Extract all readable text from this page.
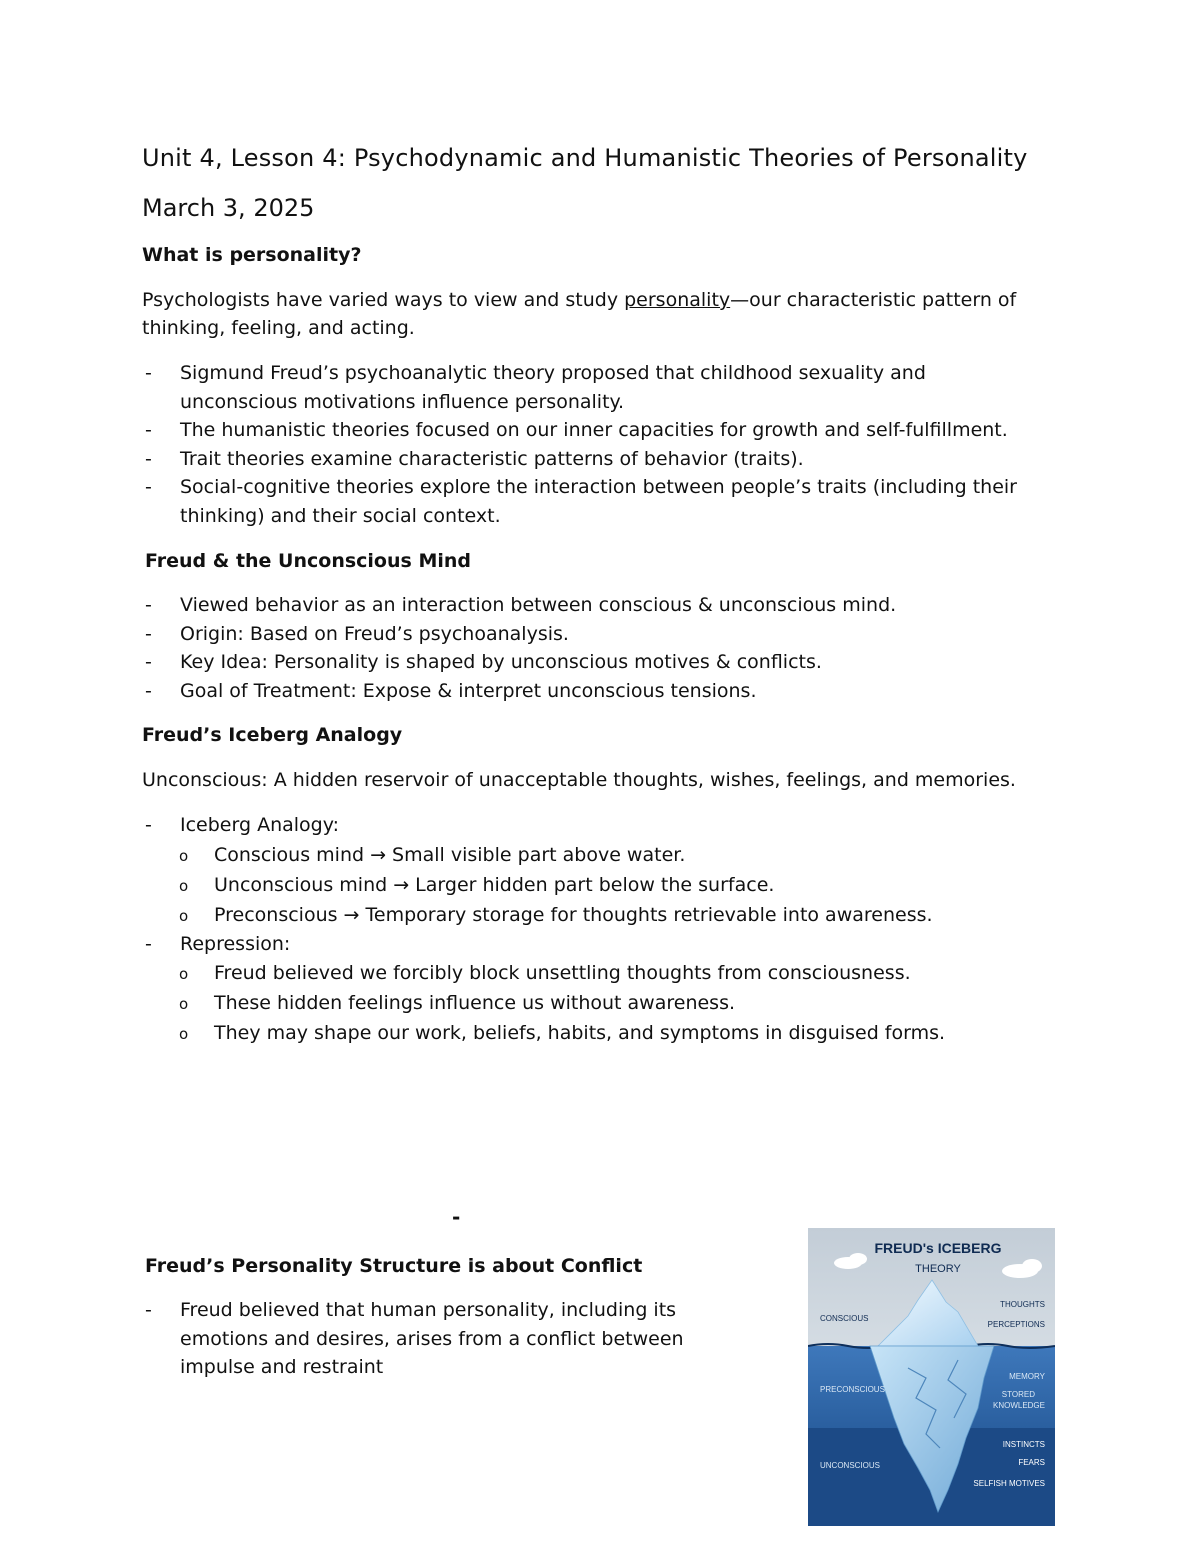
Unit 4, Lesson 4: Psychodynamic and Humanistic Theories of Personality
March 3, 2025
What is personality?

Psychologists have varied ways to view and study personality—our characteristic pattern of thinking, feeling, and acting.

- Sigmund Freud’s psychoanalytic theory proposed that childhood sexuality and unconscious motivations influence personality.
- The humanistic theories focused on our inner capacities for growth and self-fulfillment.
- Trait theories examine characteristic patterns of behavior (traits).
- Social-cognitive theories explore the interaction between people’s traits (including their thinking) and their social context.
Freud & the Unconscious Mind
- Viewed behavior as an interaction between conscious & unconscious mind.
- Origin: Based on Freud’s psychoanalysis.
- Key Idea: Personality is shaped by unconscious motives & conflicts.
- Goal of Treatment: Expose & interpret unconscious tensions.
Freud’s Iceberg Analogy

Unconscious: A hidden reservoir of unacceptable thoughts, wishes, feelings, and memories.

- Iceberg Analogy:
o Conscious mind → Small visible part above water.
o Unconscious mind → Larger hidden part below the surface.
o Preconscious → Temporary storage for thoughts retrievable into awareness.
- Repression:
o Freud believed we forcibly block unsettling thoughts from consciousness.
o These hidden feelings influence us without awareness.
o They may shape our work, beliefs, habits, and symptoms in disguised forms.
-
Freud’s Personality Structure is about Conflict
- Freud believed that human personality, including its emotions and desires, arises from a conflict between impulse and restraint
FREUD's ICEBERG
THEORY
CONSCIOUS
PRECONSCIOUS
UNCONSCIOUS
THOUGHTS
PERCEPTIONS
MEMORY
STORED
KNOWLEDGE
INSTINCTS
FEARS
SELFISH MOTIVES
